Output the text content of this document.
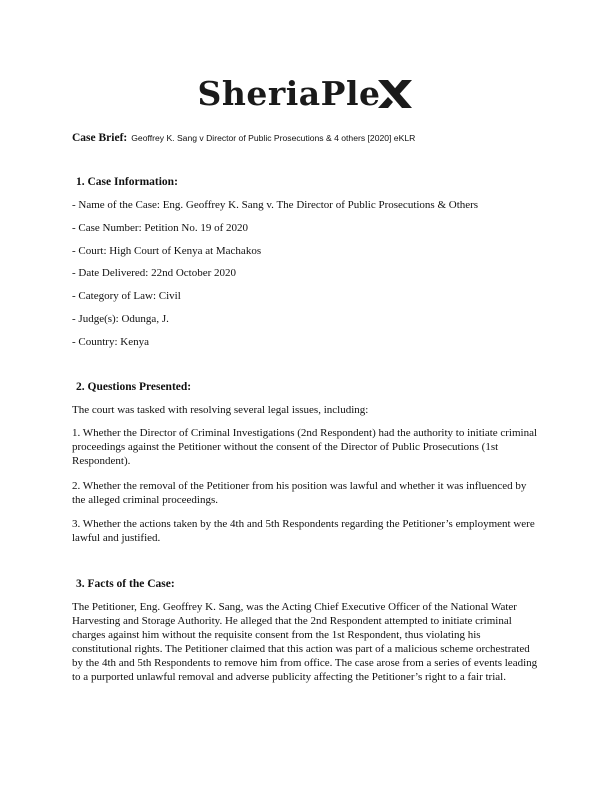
SheriaPle
Case Brief: Geoffrey K. Sang v Director of Public Prosecutions & 4 others [2020] eKLR
1. Case Information:
- Name of the Case: Eng. Geoffrey K. Sang v. The Director of Public Prosecutions & Others
- Case Number: Petition No. 19 of 2020
- Court: High Court of Kenya at Machakos
- Date Delivered: 22nd October 2020
- Category of Law: Civil
- Judge(s): Odunga, J.
- Country: Kenya
2. Questions Presented:
The court was tasked with resolving several legal issues, including:
1. Whether the Director of Criminal Investigations (2nd Respondent) had the authority to initiate criminal proceedings against the Petitioner without the consent of the Director of Public Prosecutions (1st Respondent).
2. Whether the removal of the Petitioner from his position was lawful and whether it was influenced by the alleged criminal proceedings.
3. Whether the actions taken by the 4th and 5th Respondents regarding the Petitioner’s employment were lawful and justified.
3. Facts of the Case:
The Petitioner, Eng. Geoffrey K. Sang, was the Acting Chief Executive Officer of the National Water Harvesting and Storage Authority. He alleged that the 2nd Respondent attempted to initiate criminal charges against him without the requisite consent from the 1st Respondent, thus violating his constitutional rights. The Petitioner claimed that this action was part of a malicious scheme orchestrated by the 4th and 5th Respondents to remove him from office. The case arose from a series of events leading to a purported unlawful removal and adverse publicity affecting the Petitioner’s right to a fair trial.
